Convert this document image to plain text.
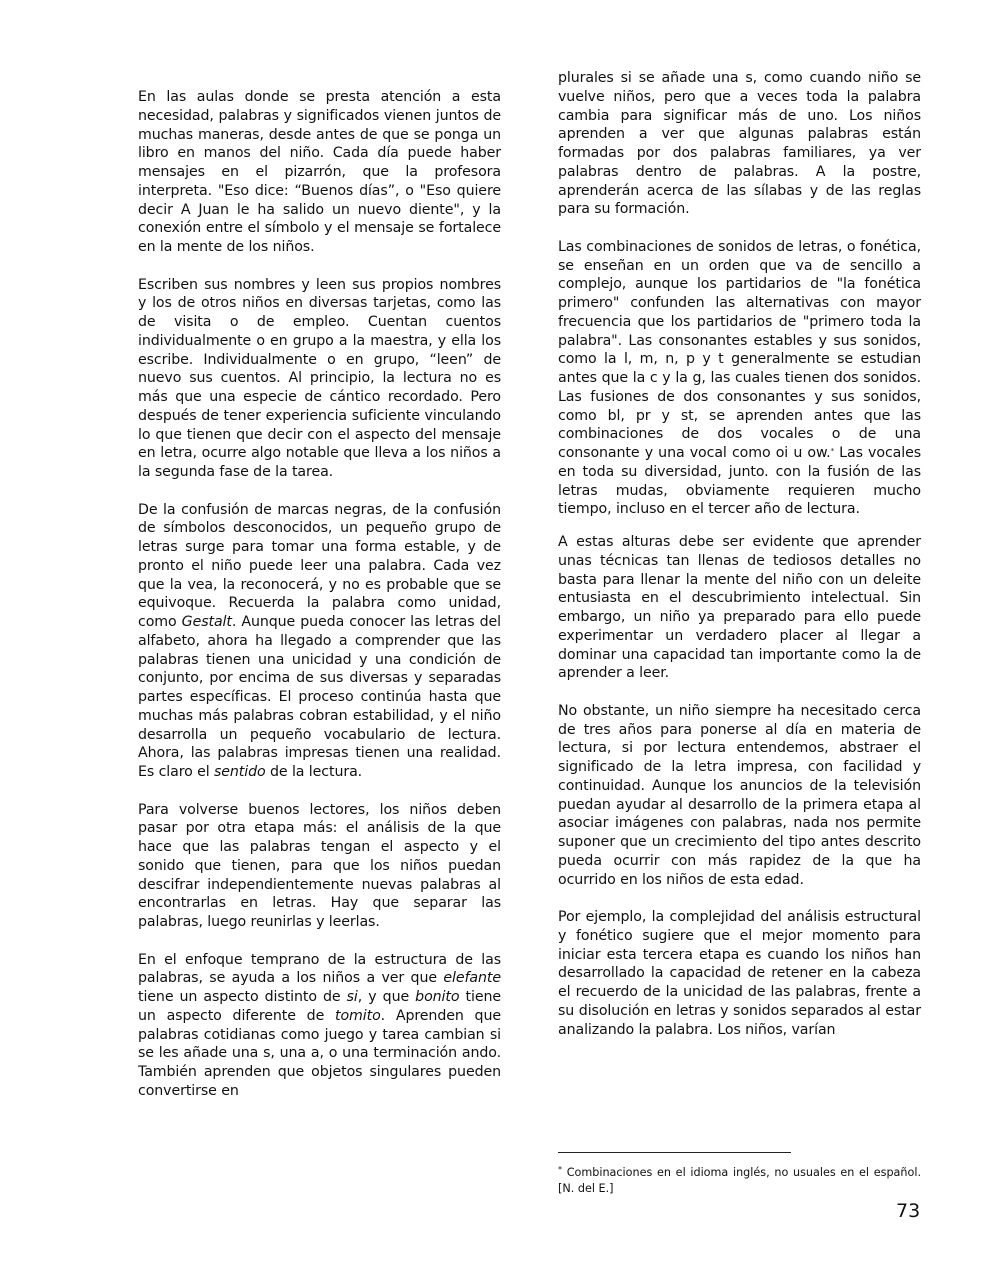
En las aulas donde se presta atención a esta necesidad, palabras y significados vienen juntos de muchas maneras, desde antes de que se ponga un libro en manos del niño. Cada día puede haber mensajes en el pizarrón, que la profesora interpreta. "Eso dice: “Buenos días”, o "Eso quiere decir A Juan le ha salido un nuevo diente", y la conexión entre el símbolo y el mensaje se fortalece en la mente de los niños.

Escriben sus nombres y leen sus propios nombres y los de otros niños en diversas tarjetas, como las de visita o de empleo. Cuentan cuentos individualmente o en grupo a la maestra, y ella los escribe. Individualmente o en grupo, “leen” de nuevo sus cuentos. Al principio, la lectura no es más que una especie de cántico recordado. Pero después de tener experiencia suficiente vinculando lo que tienen que decir con el aspecto del mensaje en letra, ocurre algo notable que lleva a los niños a la segunda fase de la tarea.

De la confusión de marcas negras, de la confusión de símbolos desconocidos, un pequeño grupo de letras surge para tomar una forma estable, y de pronto el niño puede leer una palabra. Cada vez que la vea, la reconocerá, y no es probable que se equivoque. Recuerda la palabra como unidad, como Gestalt. Aunque pueda conocer las letras del alfabeto, ahora ha llegado a comprender que las palabras tienen una unicidad y una condición de conjunto, por encima de sus diversas y separadas partes específicas. El proceso continúa hasta que muchas más palabras cobran estabilidad, y el niño desarrolla un pequeño vocabulario de lectura. Ahora, las palabras impresas tienen una realidad. Es claro el sentido de la lectura.

Para volverse buenos lectores, los niños deben pasar por otra etapa más: el análisis de la que hace que las palabras tengan el aspecto y el sonido que tienen, para que los niños puedan descifrar independientemente nuevas palabras al encontrarlas en letras. Hay que separar las palabras, luego reunirlas y leerlas.

En el enfoque temprano de la estructura de las palabras, se ayuda a los niños a ver que elefante tiene un aspecto distinto de si, y que bonito tiene un aspecto diferente de tomito. Aprenden que palabras cotidianas como juego y tarea cambian si se les añade una s, una a, o una terminación ando. También aprenden que objetos singulares pueden convertirse en

plurales si se añade una s, como cuando niño se vuelve niños, pero que a veces toda la palabra cambia para significar más de uno. Los niños aprenden a ver que algunas palabras están formadas por dos palabras familiares, ya ver palabras dentro de palabras. A la postre, aprenderán acerca de las sílabas y de las reglas para su formación.

Las combinaciones de sonidos de letras, o fonética, se enseñan en un orden que va de sencillo a complejo, aunque los partidarios de "la fonética primero" confunden las alternativas con mayor frecuencia que los partidarios de "primero toda la palabra". Las consonantes estables y sus sonidos, como la l, m, n, p y t generalmente se estudian antes que la c y la g, las cuales tienen dos sonidos. Las fusiones de dos consonantes y sus sonidos, como bl, pr y st, se aprenden antes que las combinaciones de dos vocales o de una consonante y una vocal como oi u ow.* Las vocales en toda su diversidad, junto. con la fusión de las letras mudas, obviamente requieren mucho tiempo, incluso en el tercer año de lectura.

A estas alturas debe ser evidente que aprender unas técnicas tan llenas de tediosos detalles no basta para llenar la mente del niño con un deleite entusiasta en el descubrimiento intelectual. Sin embargo, un niño ya preparado para ello puede experimentar un verdadero placer al llegar a dominar una capacidad tan importante como la de aprender a leer.

No obstante, un niño siempre ha necesitado cerca de tres años para ponerse al día en materia de lectura, si por lectura entendemos, abstraer el significado de la letra impresa, con facilidad y continuidad. Aunque los anuncios de la televisión puedan ayudar al desarrollo de la primera etapa al asociar imágenes con palabras, nada nos permite suponer que un crecimiento del tipo antes descrito pueda ocurrir con más rapidez de la que ha ocurrido en los niños de esta edad.

Por ejemplo, la complejidad del análisis estructural y fonético sugiere que el mejor momento para iniciar esta tercera etapa es cuando los niños han desarrollado la capacidad de retener en la cabeza el recuerdo de la unicidad de las palabras, frente a su disolución en letras y sonidos separados al estar analizando la palabra. Los niños, varían

* Combinaciones en el idioma inglés, no usuales en el español. [N. del E.]
73
